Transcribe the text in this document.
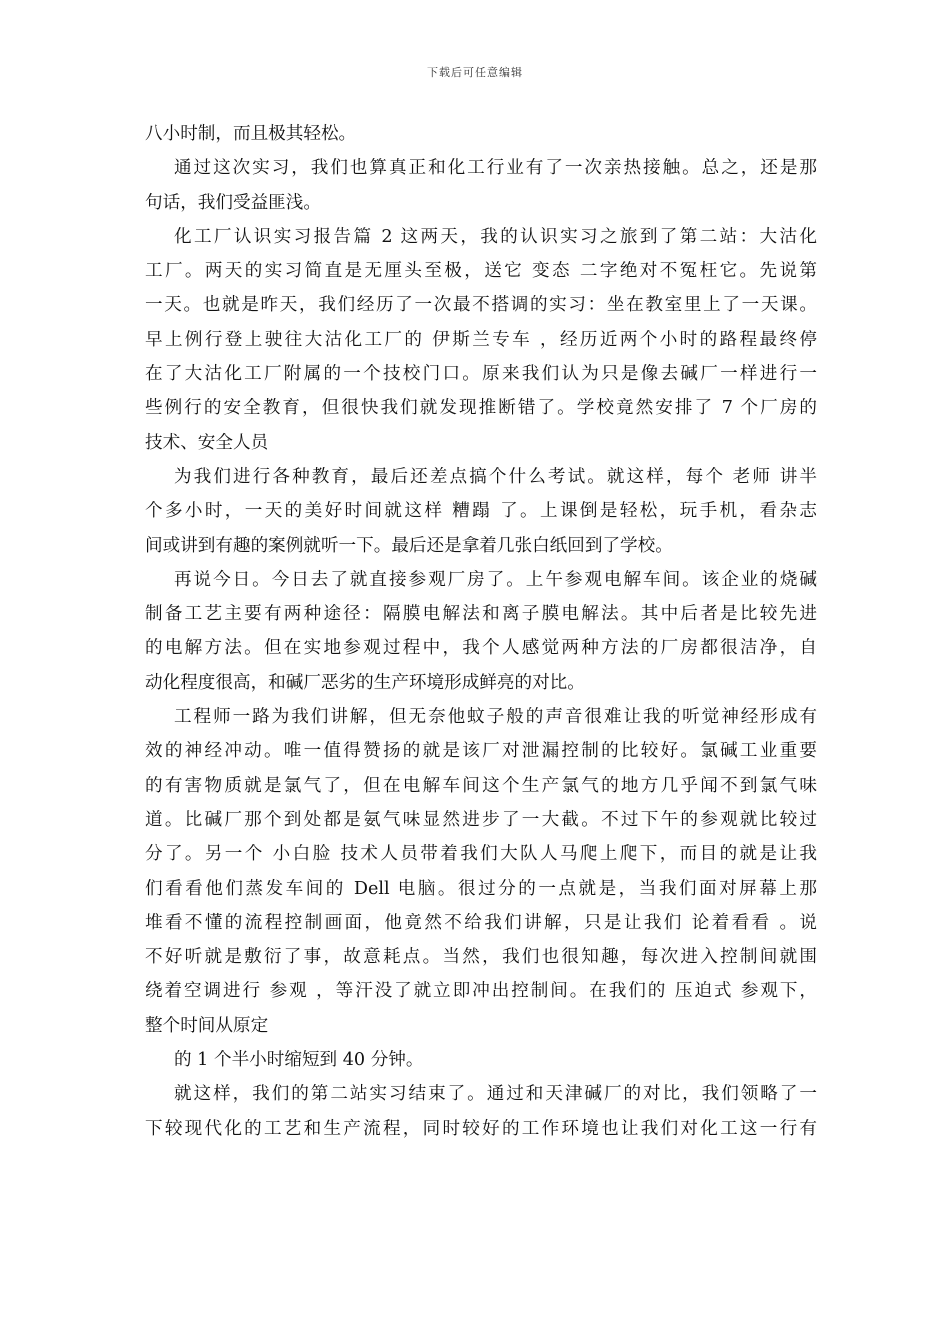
下载后可任意编辑
八小时制，而且极其轻松。
通过这次实习，我们也算真正和化工行业有了一次亲热接触。总之，还是那
句话，我们受益匪浅。
化工厂认识实习报告篇 2 这两天，我的认识实习之旅到了第二站：大沽化
工厂。两天的实习简直是无厘头至极，送它 变态 二字绝对不冤枉它。先说第
一天。也就是昨天，我们经历了一次最不搭调的实习：坐在教室里上了一天课。
早上例行登上驶往大沽化工厂的 伊斯兰专车 ，经历近两个小时的路程最终停
在了大沽化工厂附属的一个技校门口。原来我们认为只是像去碱厂一样进行一
些例行的安全教育，但很快我们就发现推断错了。学校竟然安排了 7 个厂房的
技术、安全人员
为我们进行各种教育，最后还差点搞个什么考试。就这样，每个 老师 讲半
个多小时，一天的美好时间就这样 糟蹋 了。上课倒是轻松，玩手机，看杂志
间或讲到有趣的案例就听一下。最后还是拿着几张白纸回到了学校。
再说今日。今日去了就直接参观厂房了。上午参观电解车间。该企业的烧碱
制备工艺主要有两种途径：隔膜电解法和离子膜电解法。其中后者是比较先进
的电解方法。但在实地参观过程中，我个人感觉两种方法的厂房都很洁净，自
动化程度很高，和碱厂恶劣的生产环境形成鲜亮的对比。
工程师一路为我们讲解，但无奈他蚊子般的声音很难让我的听觉神经形成有
效的神经冲动。唯一值得赞扬的就是该厂对泄漏控制的比较好。氯碱工业重要
的有害物质就是氯气了，但在电解车间这个生产氯气的地方几乎闻不到氯气味
道。比碱厂那个到处都是氨气味显然进步了一大截。不过下午的参观就比较过
分了。另一个 小白脸 技术人员带着我们大队人马爬上爬下，而目的就是让我
们看看他们蒸发车间的 Dell 电脑。很过分的一点就是，当我们面对屏幕上那
堆看不懂的流程控制画面，他竟然不给我们讲解，只是让我们 论着看看 。说
不好听就是敷衍了事，故意耗点。当然，我们也很知趣，每次进入控制间就围
绕着空调进行 参观 ，等汗没了就立即冲出控制间。在我们的 压迫式 参观下，
整个时间从原定
的 1 个半小时缩短到 40 分钟。
就这样，我们的第二站实习结束了。通过和天津碱厂的对比，我们领略了一
下较现代化的工艺和生产流程，同时较好的工作环境也让我们对化工这一行有
